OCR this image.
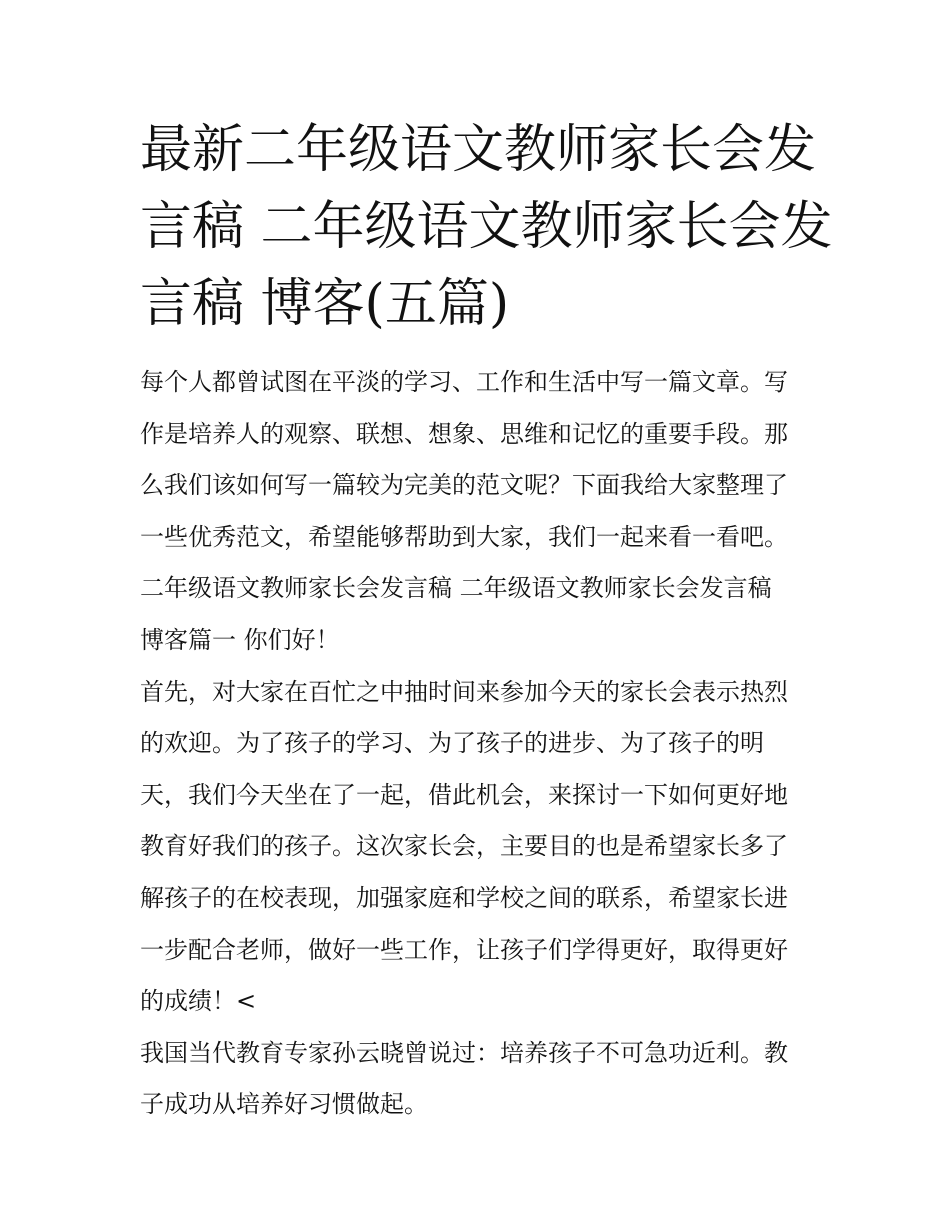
最新二年级语文教师家长会发
言稿 二年级语文教师家长会发
言稿 博客(五篇)
每个人都曾试图在平淡的学习、工作和生活中写一篇文章。写
作是培养人的观察、联想、想象、思维和记忆的重要手段。那
么我们该如何写一篇较为完美的范文呢？下面我给大家整理了
一些优秀范文，希望能够帮助到大家，我们一起来看一看吧。
二年级语文教师家长会发言稿 二年级语文教师家长会发言稿
博客篇一 你们好！
首先，对大家在百忙之中抽时间来参加今天的家长会表示热烈
的欢迎。为了孩子的学习、为了孩子的进步、为了孩子的明
天，我们今天坐在了一起，借此机会，来探讨一下如何更好地
教育好我们的孩子。这次家长会，主要目的也是希望家长多了
解孩子的在校表现，加强家庭和学校之间的联系，希望家长进
一步配合老师，做好一些工作，让孩子们学得更好，取得更好
的成绩！<
我国当代教育专家孙云晓曾说过：培养孩子不可急功近利。教
子成功从培养好习惯做起。
